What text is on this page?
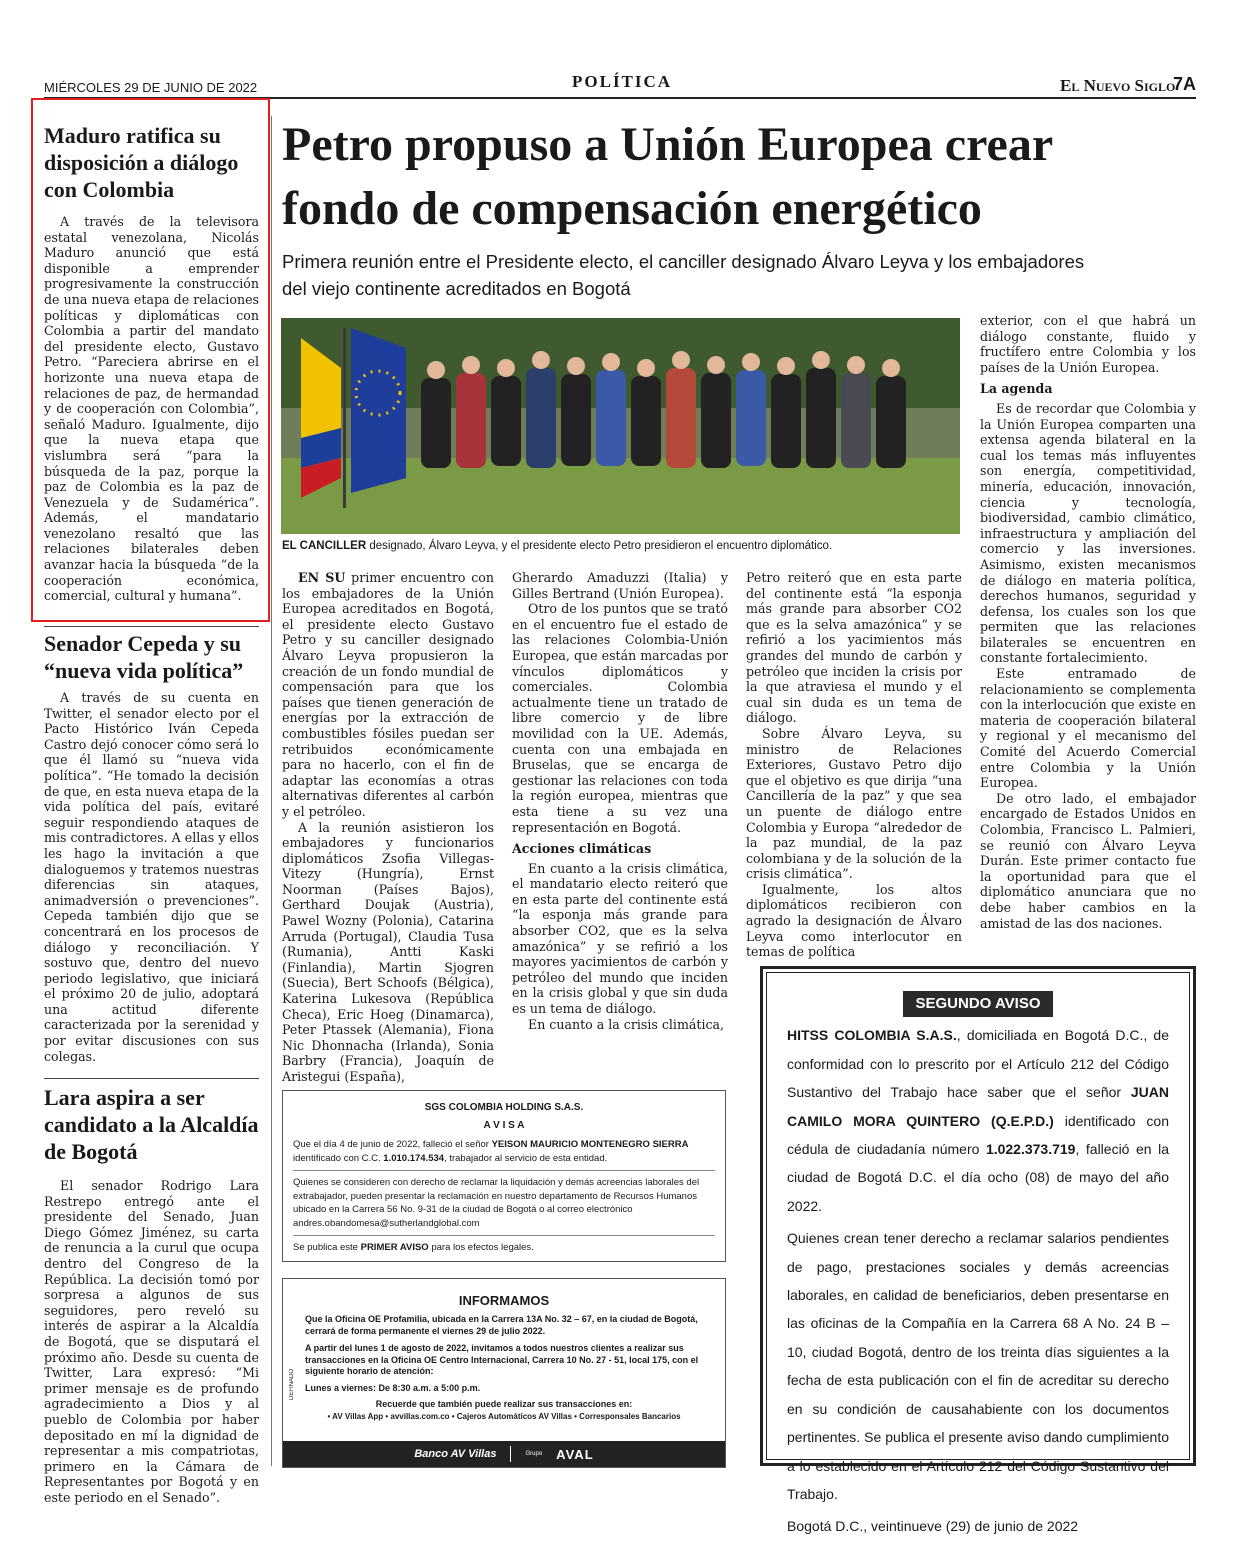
MIÉRCOLES 29 DE JUNIO DE 2022	POLÍTICA	El Nuevo Siglo
7A
Maduro ratifica su disposición a diálogo con Colombia

A través de la televisora estatal venezolana, Nicolás Maduro anunció que está disponible a emprender progresivamente la construcción de una nueva etapa de relaciones políticas y diplomáticas con Colombia a partir del mandato del presidente electo, Gustavo Petro. “Pareciera abrirse en el horizonte una nueva etapa de relaciones de paz, de hermandad y de cooperación con Colombia”, señaló Maduro. Igualmente, dijo que la nueva etapa que vislumbra será “para la búsqueda de la paz, porque la paz de Colombia es la paz de Venezuela y de Sudamérica”. Además, el mandatario venezolano resaltó que las relaciones bilaterales deben avanzar hacia la búsqueda “de la cooperación económica, comercial, cultural y humana”.

Senador Cepeda y su “nueva vida política”

A través de su cuenta en Twitter, el senador electo por el Pacto Histórico Iván Cepeda Castro dejó conocer cómo será lo que él llamó su “nueva vida política”. “He tomado la decisión de que, en esta nueva etapa de la vida política del país, evitaré seguir respondiendo ataques de mis contradictores. A ellas y ellos les hago la invitación a que dialoguemos y tratemos nuestras diferencias sin ataques, animadversión o prevenciones”. Cepeda también dijo que se concentrará en los procesos de diálogo y reconciliación. Y sostuvo que, dentro del nuevo periodo legislativo, que iniciará el próximo 20 de julio, adoptará una actitud diferente caracterizada por la serenidad y por evitar discusiones con sus colegas.

Lara aspira a ser candidato a la Alcaldía de Bogotá

El senador Rodrigo Lara Restrepo entregó ante el presidente del Senado, Juan Diego Gómez Jiménez, su carta de renuncia a la curul que ocupa dentro del Congreso de la República. La decisión tomó por sorpresa a algunos de sus seguidores, pero reveló su interés de aspirar a la Alcaldía de Bogotá, que se disputará el próximo año. Desde su cuenta de Twitter, Lara expresó: “Mi primer mensaje es de profundo agradecimiento a Dios y al pueblo de Colombia por haber depositado en mí la dignidad de representar a mis compatriotas, primero en la Cámara de Representantes por Bogotá y en este periodo en el Senado”.

Petro propuso a Unión Europea crear
fondo de compensación energético
Primera reunión entre el Presidente electo, el canciller designado Álvaro Leyva y los embajadores
del viejo continente acreditados en Bogotá
EL CANCILLER designado, Álvaro Leyva, y el presidente electo Petro presidieron el encuentro diplomático.

EN SU primer encuentro con los embajadores de la Unión Europea acreditados en Bogotá, el presidente electo Gustavo Petro y su canciller designado Álvaro Leyva propusieron la creación de un fondo mundial de compensación para que los países que tienen generación de energías por la extracción de combustibles fósiles puedan ser retribuidos económicamente para no hacerlo, con el fin de adaptar las economías a otras alternativas diferentes al carbón y el petróleo.

A la reunión asistieron los embajadores y funcionarios diplomáticos Zsofia Villegas-Vitezy (Hungría), Ernst Noorman (Países Bajos), Gerthard Doujak (Austria), Pawel Wozny (Polonia), Catarina Arruda (Portugal), Claudia Tusa (Rumania), Antti Kaski (Finlandia), Martin Sjogren (Suecia), Bert Schoofs (Bélgica), Katerina Lukesova (República Checa), Eric Hoeg (Dinamarca), Peter Ptassek (Alemania), Fiona Nic Dhonnacha (Irlanda), Sonia Barbry (Francia), Joaquín de Aristegui (España),

Gherardo Amaduzzi (Italia) y Gilles Bertrand (Unión Europea).

Otro de los puntos que se trató en el encuentro fue el estado de las relaciones Colombia-Unión Europea, que están marcadas por vínculos diplomáticos y comerciales. Colombia actualmente tiene un tratado de libre comercio y de libre movilidad con la UE. Además, cuenta con una embajada en Bruselas, que se encarga de gestionar las relaciones con toda la región europea, mientras que esta tiene a su vez una representación en Bogotá.

Acciones climáticas

En cuanto a la crisis climática, el mandatario electo reiteró que en esta parte del continente está “la esponja más grande para absorber CO2, que es la selva amazónica” y se refirió a los mayores yacimientos de carbón y petróleo del mundo que inciden en la crisis global y que sin duda es un tema de diálogo.

En cuanto a la crisis climática,

Petro reiteró que en esta parte del continente está “la esponja más grande para absorber CO2 que es la selva amazónica” y se refirió a los yacimientos más grandes del mundo de carbón y petróleo que inciden la crisis por la que atraviesa el mundo y el cual sin duda es un tema de diálogo.

Sobre Álvaro Leyva, su ministro de Relaciones Exteriores, Gustavo Petro dijo que el objetivo es que dirija “una Cancillería de la paz” y que sea un puente de diálogo entre Colombia y Europa “alrededor de la paz mundial, de la paz colombiana y de la solución de la crisis climática”.

Igualmente, los altos diplomáticos recibieron con agrado la designación de Álvaro Leyva como interlocutor en temas de política

exterior, con el que habrá un diálogo constante, fluido y fructífero entre Colombia y los países de la Unión Europea.

La agenda

Es de recordar que Colombia y la Unión Europea comparten una extensa agenda bilateral en la cual los temas más influyentes son energía, competitividad, minería, educación, innovación, ciencia y tecnología, biodiversidad, cambio climático, infraestructura y ampliación del comercio y las inversiones. Asimismo, existen mecanismos de diálogo en materia política, derechos humanos, seguridad y defensa, los cuales son los que permiten que las relaciones bilaterales se encuentren en constante fortalecimiento.

Este entramado de relacionamiento se complementa con la interlocución que existe en materia de cooperación bilateral y regional y el mecanismo del Comité del Acuerdo Comercial entre Colombia y la Unión Europea.

De otro lado, el embajador encargado de Estados Unidos en Colombia, Francisco L. Palmieri, se reunió con Álvaro Leyva Durán. Este primer contacto fue la oportunidad para que el diplomático anunciara que no debe haber cambios en la amistad de las dos naciones.

SGS COLOMBIA HOLDING S.A.S.
A V I S A

Que el día 4 de junio de 2022, falleció el señor YEISON MAURICIO MONTENEGRO SIERRA identificado con C.C. 1.010.174.534, trabajador al servicio de esta entidad.

Quienes se consideren con derecho de reclamar la liquidación y demás acreencias laborales del extrabajador, pueden presentar la reclamación en nuestro departamento de Recursos Humanos ubicado en la Carrera 56 No. 9-31 de la ciudad de Bogotá o al correo electrónico andres.obandomesa@sutherlandglobal.com

Se publica este PRIMER AVISO para los efectos legales.

DEFINADO
INFORMAMOS

Que la Oficina OE Profamilia, ubicada en la Carrera 13A No. 32 – 67, en la ciudad de Bogotá, cerrará de forma permanente el viernes 29 de julio 2022.

A partir del lunes 1 de agosto de 2022, invitamos a todos nuestros clientes a realizar sus transacciones en la Oficina OE Centro Internacional, Carrera 10 No. 27 - 51, local 175, con el siguiente horario de atención:

Lunes a viernes: De 8:30 a.m. a 5:00 p.m.

Recuerde que también puede realizar sus transacciones en:
• AV Villas App • avvillas.com.co • Cajeros Automáticos AV Villas • Corresponsales Bancarios
Banco AV Villas	Grupo AVAL
SEGUNDO AVISO

HITSS COLOMBIA S.A.S., domiciliada en Bogotá D.C., de conformidad con lo prescrito por el Artículo 212 del Código Sustantivo del Trabajo hace saber que el señor JUAN CAMILO MORA QUINTERO (Q.E.P.D.) identificado con cédula de ciudadanía número 1.022.373.719, falleció en la ciudad de Bogotá D.C. el día ocho (08) de mayo del año 2022.

Quienes crean tener derecho a reclamar salarios pendientes de pago, prestaciones sociales y demás acreencias laborales, en calidad de beneficiarios, deben presentarse en las oficinas de la Compañía en la Carrera 68 A No. 24 B – 10, ciudad Bogotá, dentro de los treinta días siguientes a la fecha de esta publicación con el fin de acreditar su derecho en su condición de causahabiente con los documentos pertinentes. Se publica el presente aviso dando cumplimiento a lo establecido en el Artículo 212 del Código Sustantivo del Trabajo.

Bogotá D.C., veintinueve (29) de junio de 2022
